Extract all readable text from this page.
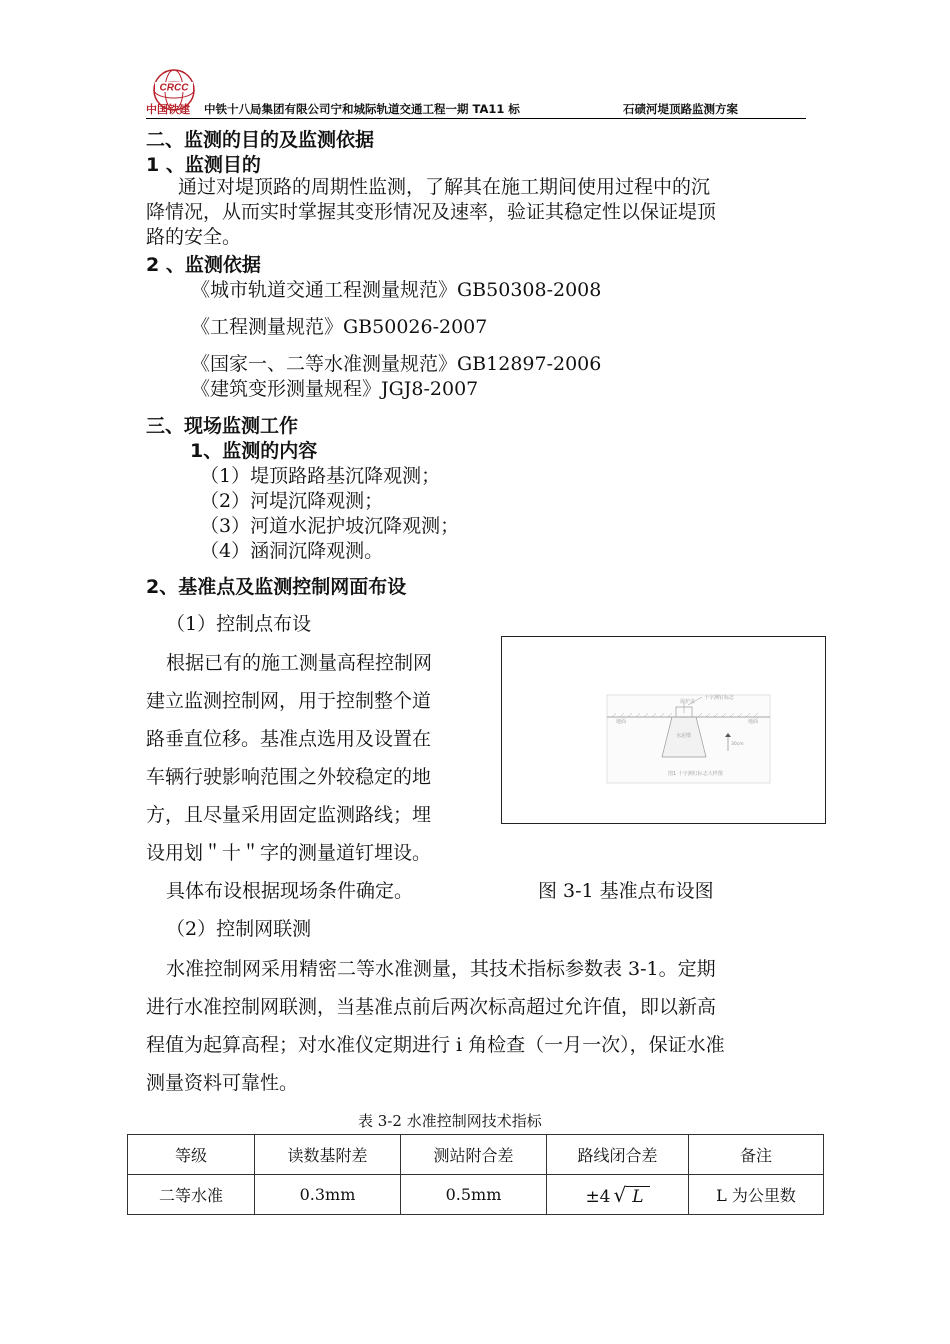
CRCC
中国铁建 中铁十八局集团有限公司宁和城际轨道交通工程一期 TA11 标	石碛河堤顶路监测方案
二、监测的目的及监测依据
1 、监测目的
通过对堤顶路的周期性监测，了解其在施工期间使用过程中的沉
降情况，从而实时掌握其变形情况及速率，验证其稳定性以保证堤顶
路的安全。
2 、监测依据
《城市轨道交通工程测量规范》GB50308-2008
《工程测量规范》GB50026-2007
《国家一、二等水准测量规范》GB12897-2006
《建筑变形测量规程》JGJ8-2007
三、现场监测工作
1、监测的内容
（1）堤顶路路基沉降观测；
（2）河堤沉降观测；
（3）河道水泥护坡沉降观测；
（4）涵洞沉降观测。
2、基准点及监测控制网面布设
（1）控制点布设
根据已有的施工测量高程控制网
建立监测控制网，用于控制整个道
路垂直位移。基准点选用及设置在
车辆行驶影响范围之外较稳定的地
方，且尽量采用固定监测路线；埋
设用划＂十＂字的测量道钉埋设。
具体布设根据现场条件确定。
地面
保护盖
十字测钉标志
地面
水泥墩
30cm
图1 十字测钉标志大样图
图 3-1 基准点布设图
（2）控制网联测
水准控制网采用精密二等水准测量，其技术指标参数表 3-1。定期
进行水准控制网联测，当基准点前后两次标高超过允许值，即以新高
程值为起算高程；对水准仪定期进行 i 角检查（一月一次），保证水准
测量资料可靠性。
表 3-2 水准控制网技术指标
等级	读数基附差	测站附合差	路线闭合差	备注
二等水准	0.3mm	0.5mm	±4 √ L	L 为公里数
